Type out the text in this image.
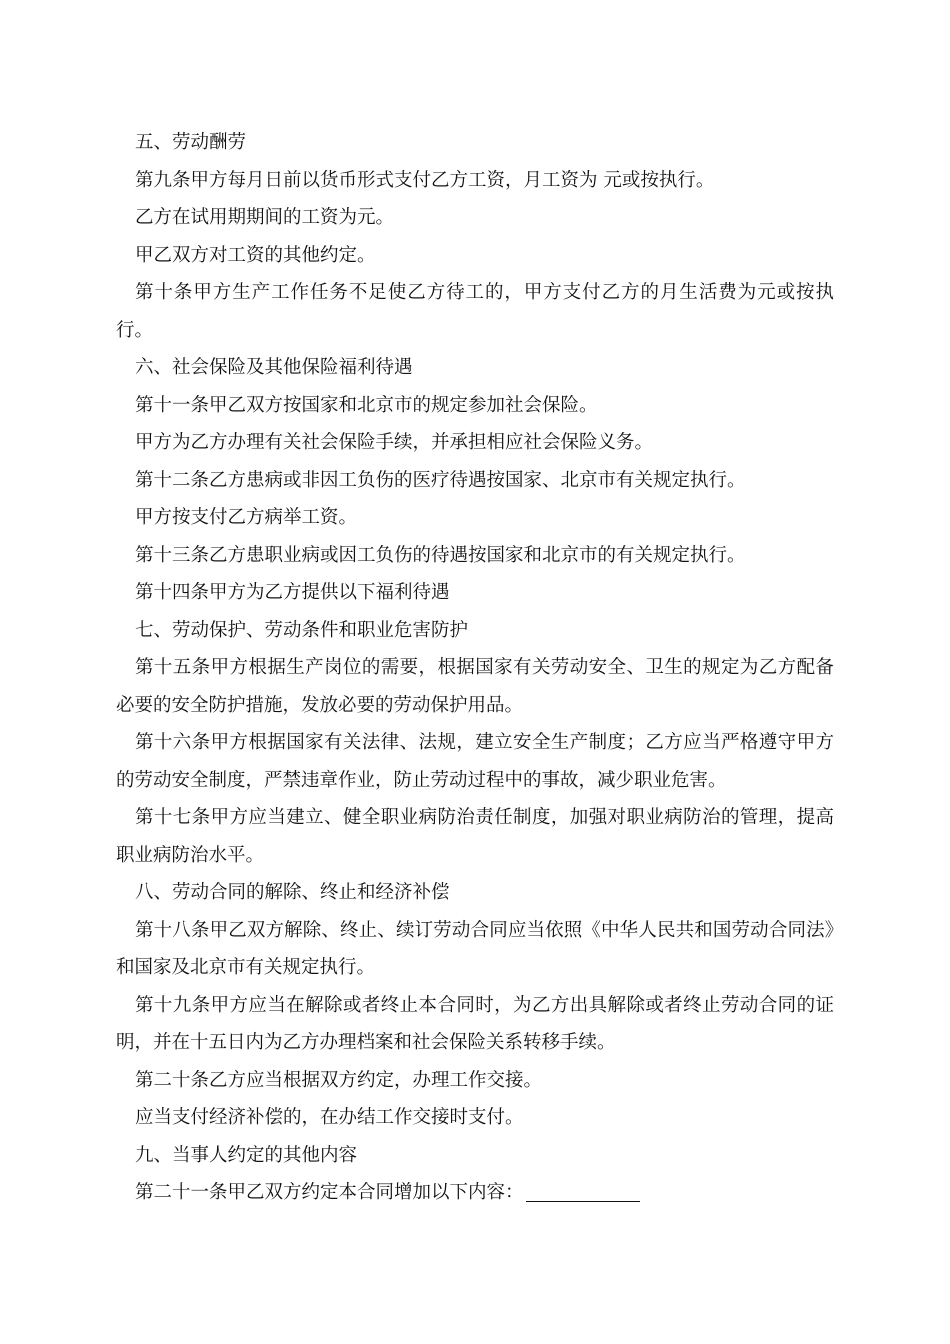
五、劳动酬劳

第九条甲方每月日前以货币形式支付乙方工资，月工资为 元或按执行。

乙方在试用期期间的工资为元。

甲乙双方对工资的其他约定。

第十条甲方生产工作任务不足使乙方待工的，甲方支付乙方的月生活费为元或按执行。

六、社会保险及其他保险福利待遇

第十一条甲乙双方按国家和北京市的规定参加社会保险。

甲方为乙方办理有关社会保险手续，并承担相应社会保险义务。

第十二条乙方患病或非因工负伤的医疗待遇按国家、北京市有关规定执行。

甲方按支付乙方病举工资。

第十三条乙方患职业病或因工负伤的待遇按国家和北京市的有关规定执行。

第十四条甲方为乙方提供以下福利待遇

七、劳动保护、劳动条件和职业危害防护

第十五条甲方根据生产岗位的需要，根据国家有关劳动安全、卫生的规定为乙方配备必要的安全防护措施，发放必要的劳动保护用品。

第十六条甲方根据国家有关法律、法规，建立安全生产制度；乙方应当严格遵守甲方的劳动安全制度，严禁违章作业，防止劳动过程中的事故，减少职业危害。

第十七条甲方应当建立、健全职业病防治责任制度，加强对职业病防治的管理，提高职业病防治水平。

八、劳动合同的解除、终止和经济补偿

第十八条甲乙双方解除、终止、续订劳动合同应当依照《中华人民共和国劳动合同法》和国家及北京市有关规定执行。

第十九条甲方应当在解除或者终止本合同时，为乙方出具解除或者终止劳动合同的证明，并在十五日内为乙方办理档案和社会保险关系转移手续。

第二十条乙方应当根据双方约定，办理工作交接。

应当支付经济补偿的，在办结工作交接时支付。

九、当事人约定的其他内容

第二十一条甲乙双方约定本合同增加以下内容：
